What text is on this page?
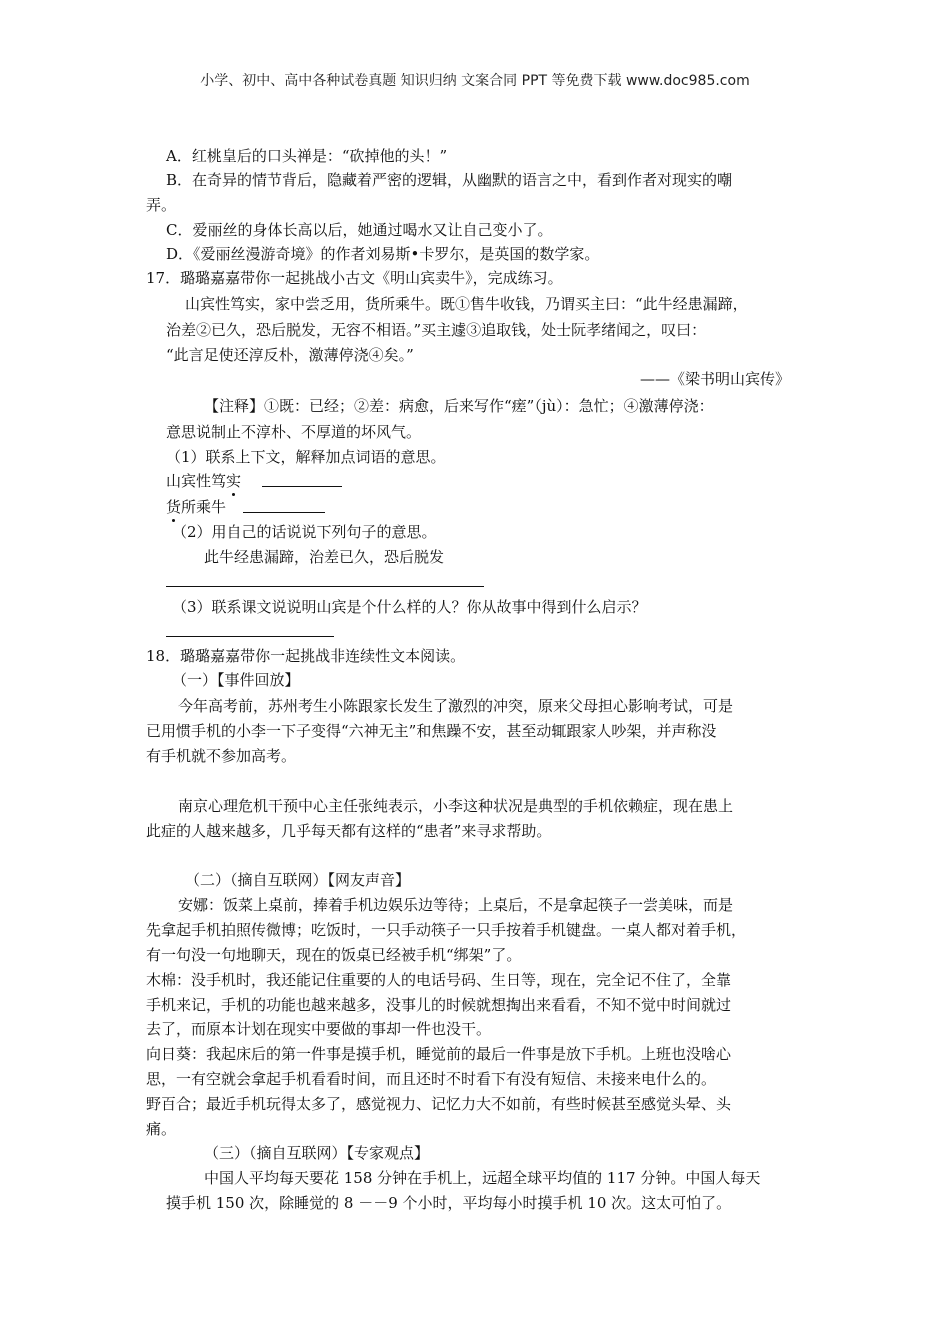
小学、初中、高中各种试卷真题 知识归纳 文案合同 PPT 等免费下载 www.doc985.com
A．红桃皇后的口头禅是：“砍掉他的头！”
B．在奇异的情节背后，隐藏着严密的逻辑，从幽默的语言之中，看到作者对现实的嘲
弄。
C．爱丽丝的身体长高以后，她通过喝水又让自己变小了。
D．《爱丽丝漫游奇境》的作者刘易斯•卡罗尔，是英国的数学家。
17．璐璐嘉嘉带你一起挑战小古文《明山宾卖牛》，完成练习。
山宾性笃实，家中尝乏用，货所乘牛。既①售牛收钱，乃谓买主曰：“此牛经患漏蹄，
治差②已久，恐后脱发，无容不相语。”买主遽③追取钱，处士阮孝绪闻之，叹曰：
“此言足使还淳反朴，激薄停浇④矣。”
——《梁书明山宾传》
【注释】①既：已经；②差：病愈，后来写作“瘥”（jù）：急忙；④激薄停浇：
意思说制止不淳朴、不厚道的坏风气。
（1）联系上下文，解释加点词语的意思。
山宾性笃实
货所乘牛
（2）用自己的话说说下列句子的意思。
此牛经患漏蹄，治差已久，恐后脱发
（3）联系课文说说明山宾是个什么样的人？你从故事中得到什么启示？
18．璐璐嘉嘉带你一起挑战非连续性文本阅读。
（一）【事件回放】
今年高考前，苏州考生小陈跟家长发生了激烈的冲突，原来父母担心影响考试，可是
已用惯手机的小李一下子变得“六神无主”和焦躁不安，甚至动辄跟家人吵架，并声称没
有手机就不参加高考。
南京心理危机干预中心主任张纯表示，小李这种状况是典型的手机依赖症，现在患上
此症的人越来越多，几乎每天都有这样的“患者”来寻求帮助。
（二）（摘自互联网）【网友声音】
安娜：饭菜上桌前，捧着手机边娱乐边等待；上桌后，不是拿起筷子一尝美味，而是
先拿起手机拍照传微博；吃饭时，一只手动筷子一只手按着手机键盘。一桌人都对着手机，
有一句没一句地聊天，现在的饭桌已经被手机“绑架”了。
木棉：没手机时，我还能记住重要的人的电话号码、生日等，现在，完全记不住了，全靠
手机来记，手机的功能也越来越多，没事儿的时候就想掏出来看看，不知不觉中时间就过
去了，而原本计划在现实中要做的事却一件也没干。
向日葵：我起床后的第一件事是摸手机，睡觉前的最后一件事是放下手机。上班也没啥心
思，一有空就会拿起手机看看时间，而且还时不时看下有没有短信、未接来电什么的。
野百合；最近手机玩得太多了，感觉视力、记忆力大不如前，有些时候甚至感觉头晕、头
痛。
（三）（摘自互联网）【专家观点】
中国人平均每天要花 158 分钟在手机上，远超全球平均值的 117 分钟。中国人每天
摸手机 150 次，除睡觉的 8 －－9 个小时，平均每小时摸手机 10 次。这太可怕了。
